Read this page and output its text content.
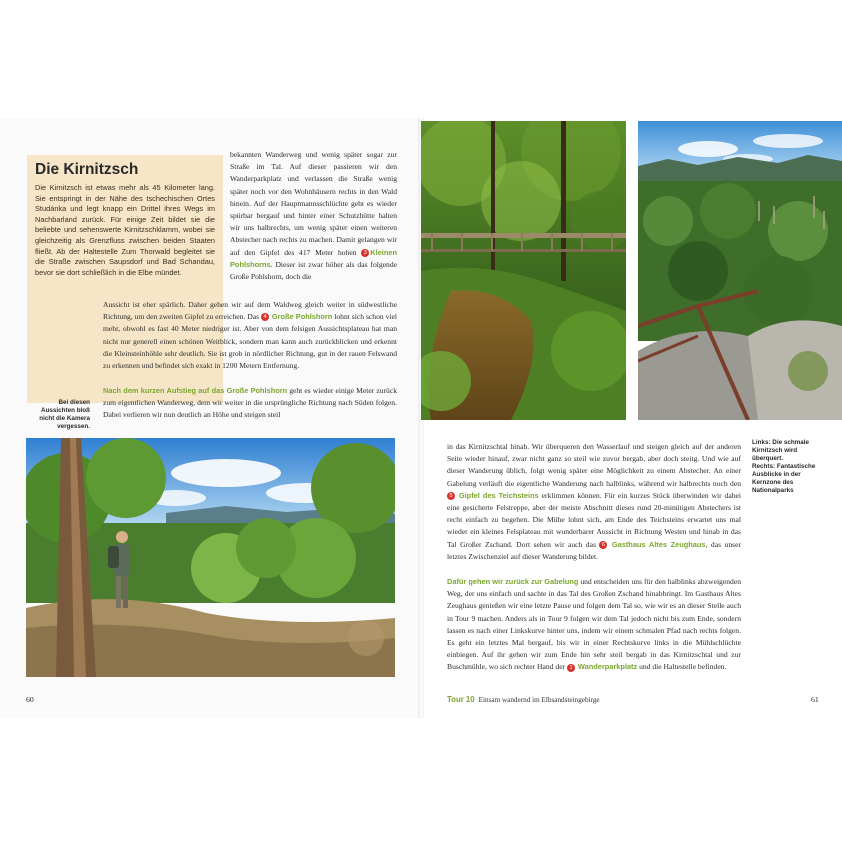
Die Kirnitzsch

Die Kirnitzsch ist etwas mehr als 45 Kilometer lang. Sie entspringt in der Nähe des tschechischen Ortes Studánka und legt knapp ein Drittel ihres Wegs im Nachbarland zurück. Für einige Zeit bildet sie die beliebte und sehenswerte Kirnitzschklamm, wobei sie gleichzeitig als Grenzfluss zwischen beiden Staaten fließt. Ab der Haltestelle Zum Thorwald begleitet sie die Straße zwischen Saupsdorf und Bad Schandau, bevor sie dort schließlich in die Elbe mündet.

bekannten Wanderweg und wenig später sogar zur Straße im Tal. Auf dieser passieren wir den Wanderparkplatz und verlassen die Straße wenig später noch vor den Wohnhäusern rechts in den Wald hinein. Auf der Hauptmannsschlüchte geht es wieder spürbar bergauf und hinter einer Schutzhütte halten wir uns halbrechts, um wenig später einen weiteren Abstecher nach rechts zu machen. Damit gelangen wir auf den Gipfel des 417 Meter hohen 3 Kleinen Pohlshorns. Dieser ist zwar höher als das folgende Große Pohlshorn, doch die

Aussicht ist eher spärlich. Daher gehen wir auf dem Waldweg gleich weiter in südwestliche Richtung, um den zweiten Gipfel zu erreichen. Das 4 Große Pohlshorn lohnt sich schon viel mehr, obwohl es fast 40 Meter niedriger ist. Aber von dem felsigen Aussichtsplateau hat man nicht nur generell einen schönen Weitblick, sondern man kann auch zurückblicken und erkennt die Kleinsteinhöhle sehr deutlich. Sie ist grob in nördlicher Richtung, gut in der rauen Felswand zu erkennen und befindet sich exakt in 1200 Metern Entfernung.

Nach dem kurzen Aufstieg auf das Große Pohlshorn geht es wieder einige Meter zurück zum eigentlichen Wanderweg, dem wir weiter in die ursprüngliche Richtung nach Süden folgen. Dabei verlieren wir nun deutlich an Höhe und steigen steil

Bei diesen Aussichten bloß nicht die Kamera vergessen.

in das Kirnitzschtal hinab. Wir überqueren den Wasserlauf und steigen gleich auf der anderen Seite wieder hinauf, zwar nicht ganz so steil wie zuvor bergab, aber doch steitg. Und wie auf dieser Wanderung üblich, folgt wenig später eine Möglichkeit zu einem Abstecher. An einer Gabelung verläuft die eigentliche Wanderung nach halblinks, während wir halbrechts noch den 5 Gipfel des Teichsteins erklimmen können. Für ein kurzes Stück überwinden wir dabei eine gesicherte Felstreppe, aber der meiste Abschnitt dieses rund 20-minütigen Abstechers ist recht einfach zu begehen. Die Mühe lohnt sich, am Ende des Teichsteins erwartet uns mal wieder ein kleines Felsplateau mit wunderbarer Aussicht in Richtung Westen und hinab in das Tal Großer Zschand. Dort sehen wir auch das 6 Gasthaus Altes Zeughaus, das unser letztes Zwischenziel auf dieser Wanderung bildet.

Dafür gehen wir zurück zur Gabelung und entscheiden uns für den halblinks abzweigenden Weg, der uns einfach und sachte in das Tal des Großen Zschand hinabbringt. Im Gasthaus Altes Zeughaus genießen wir eine letzte Pause und folgen dem Tal so, wie wir es an dieser Stelle auch in Tour 9 machen. Anders als in Tour 9 folgen wir dem Tal jedoch nicht bis zum Ende, sondern lassen es nach einer Linkskurve hinter uns, indem wir einem schmalen Pfad nach rechts folgen. Es geht ein letztes Mal bergauf, bis wir in einer Rechtskurve links in die Mühlschlüchte einbiegen. Auf ihr gehen wir zum Ende hin sehr steil bergab in das Kirnitzschtal und zur Buschmühle, wo sich rechter Hand der 1 Wanderparkplatz und die Haltestelle befinden.

Links: Die schmale Kirnitzsch wird überquert.
Rechts: Fantastische Ausblicke in der Kernzone des Nationalparks
60	Tour 10 Einsam wandernd im Elbsandsteingebirge	61
